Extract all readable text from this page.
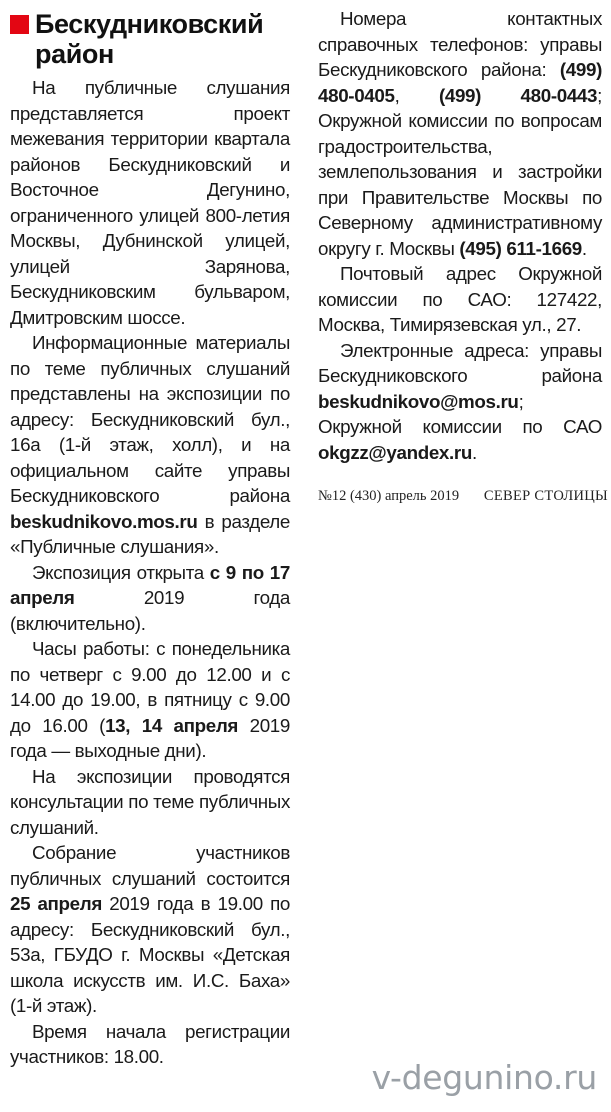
Бескудниковский район

На публичные слушания представляется проект межевания территории квартала районов Бескудниковский и Восточное Дегунино, ограниченного улицей 800-летия Москвы, Дубнинской улицей, улицей Зарянова, Бескудниковским бульваром, Дмитровским шоссе.

Информационные материалы по теме публичных слушаний представлены на экспозиции по адресу: Бескудниковский бул., 16а (1-й этаж, холл), и на официальном сайте управы Бескудниковского района beskudnikovo.mos.ru в разделе «Публичные слушания».

Экспозиция открыта с 9 по 17 апреля 2019 года (включительно).

Часы работы: с понедельника по четверг с 9.00 до 12.00 и с 14.00 до 19.00, в пятницу с 9.00 до 16.00 (13, 14 апреля 2019 года — выходные дни).

На экспозиции проводятся консультации по теме публичных слушаний.

Собрание участников публичных слушаний состоится 25 апреля 2019 года в 19.00 по адресу: Бескудниковский бул., 53а, ГБУДО г. Москвы «Детская школа искусств им. И.С. Баха» (1-й этаж).

Время начала регистрации участников: 18.00.

Номера контактных справочных телефонов: управы Бескудниковского района: (499) 480-0405, (499) 480-0443; Окружной комиссии по вопросам градостроительства, землепользования и застройки при Правительстве Москвы по Северному административному округу г. Москвы (495) 611-1669.

Почтовый адрес Окружной комиссии по САО: 127422, Москва, Тимирязевская ул., 27.

Электронные адреса: управы Бескудниковского района beskudnikovo@mos.ru; Окружной комиссии по САО okgzz@yandex.ru.

№12 (430) апрель 2019 СЕВЕР СТОЛИЦЫ
v-degunino.ru
